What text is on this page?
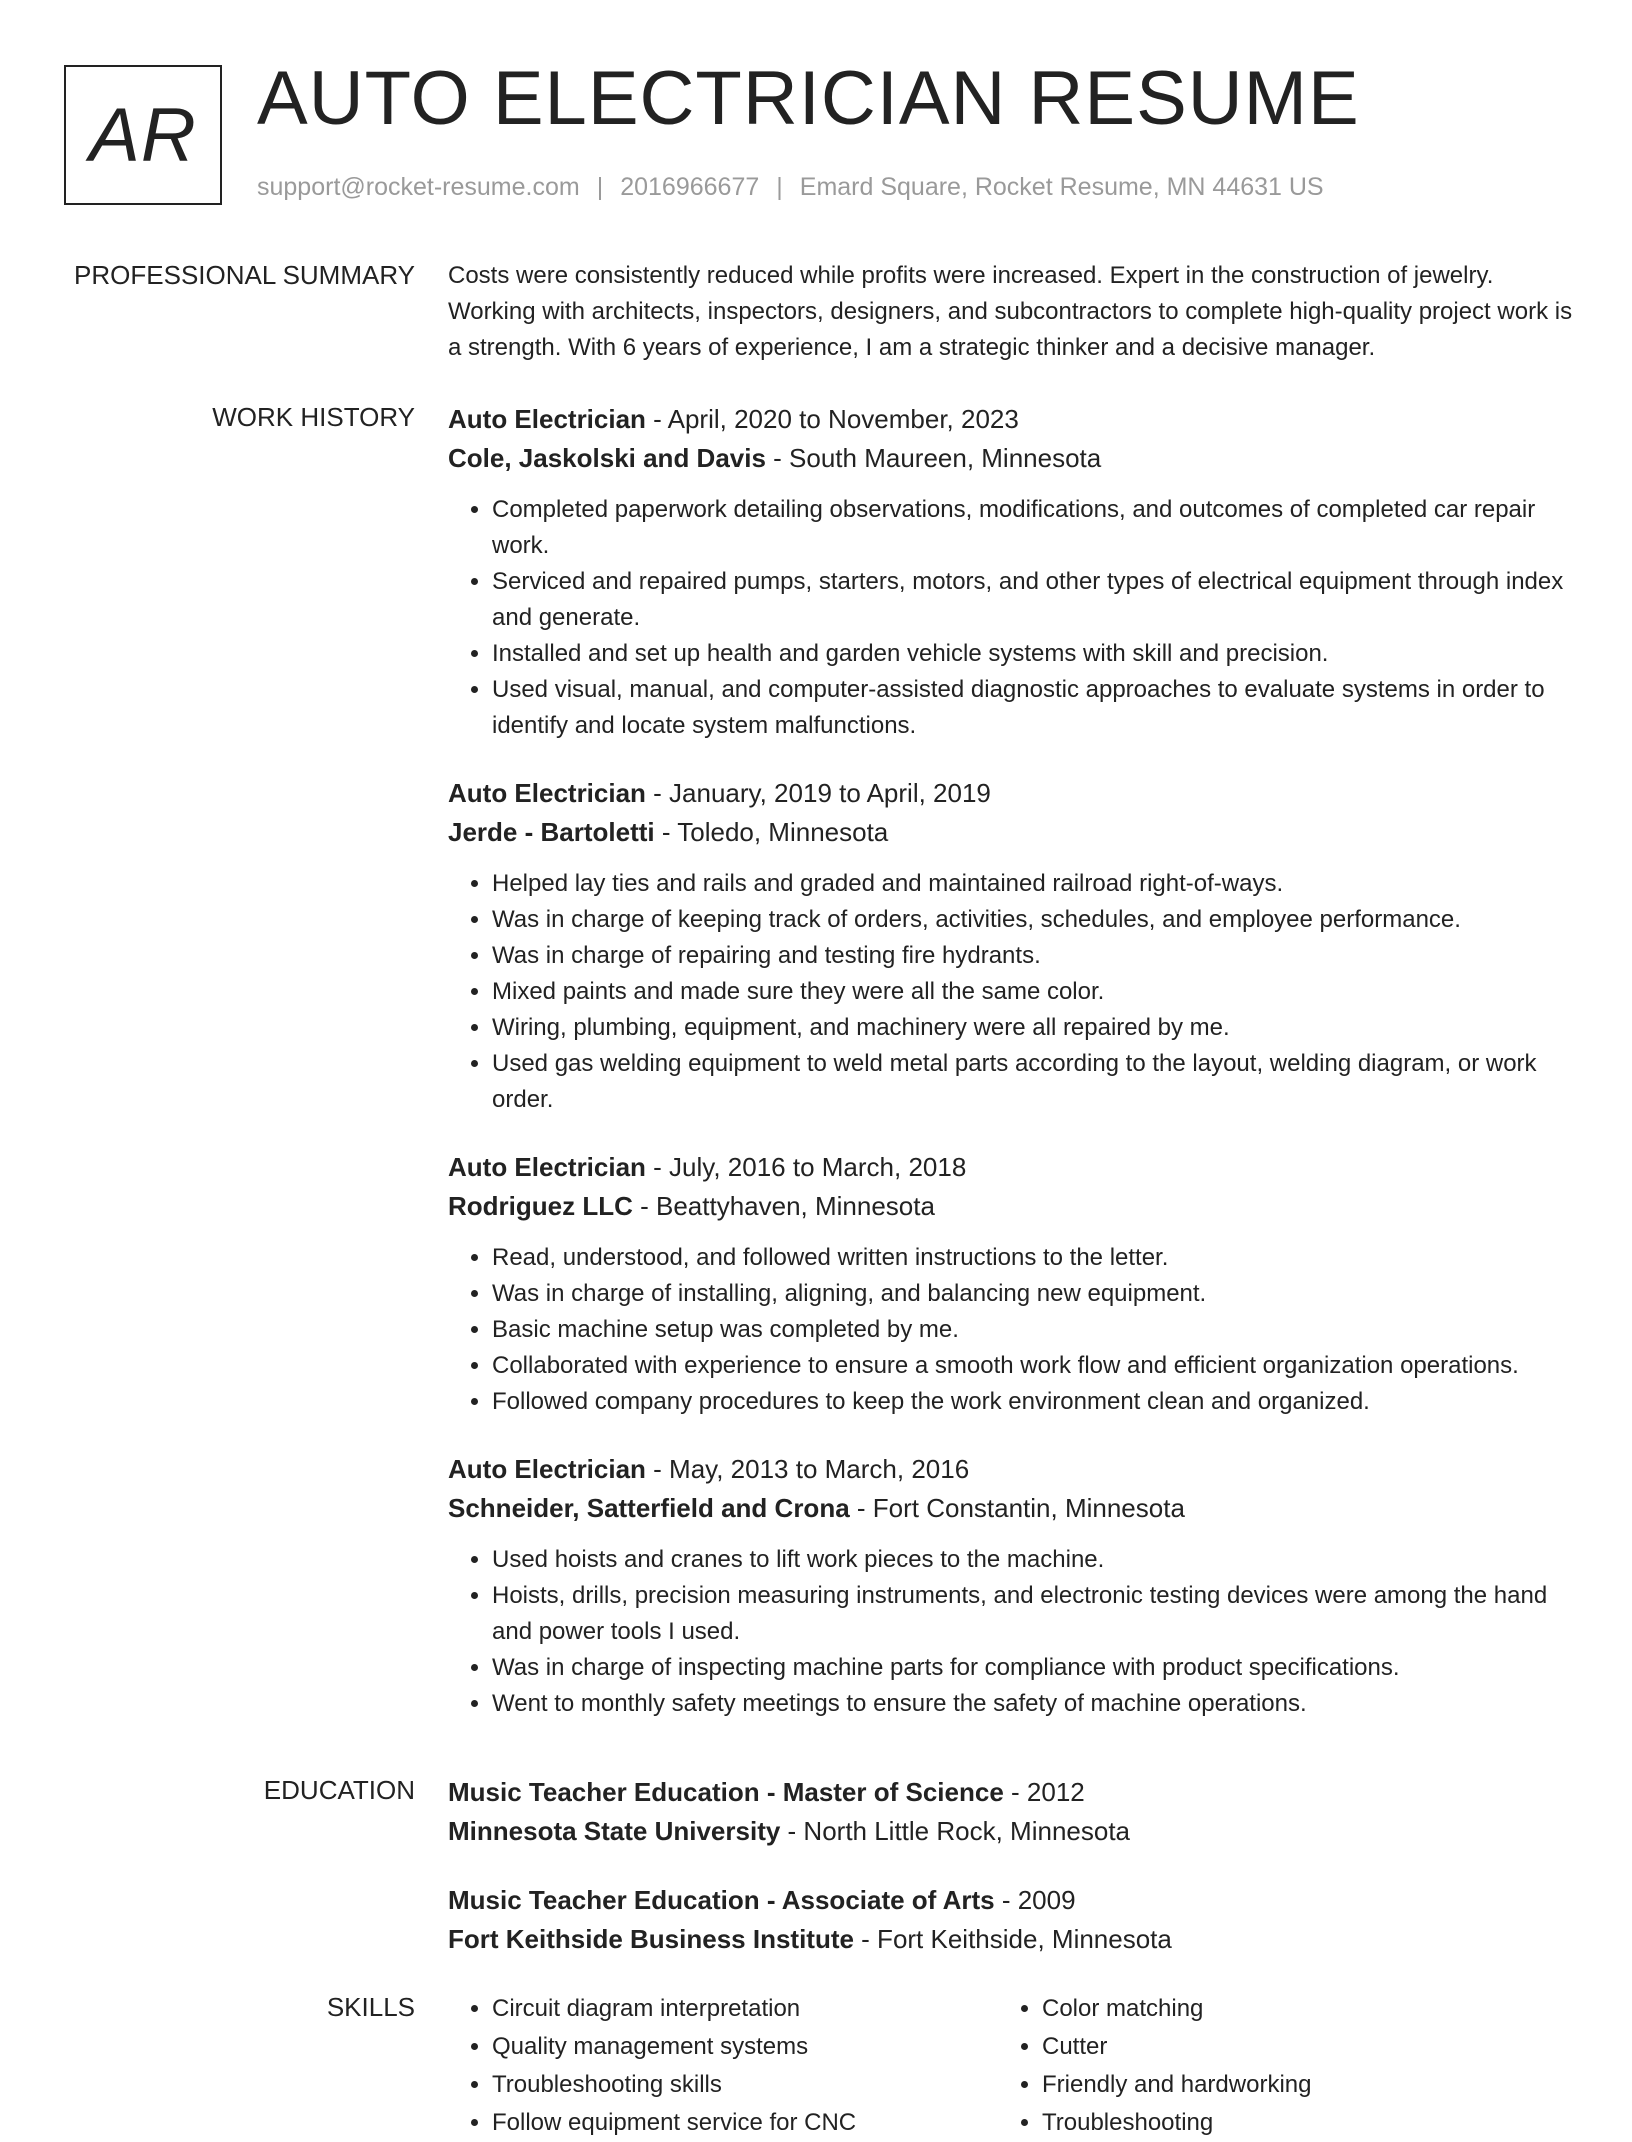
AR AUTO ELECTRICIAN RESUME
support@rocket-resume.com | 2016966677 | Emard Square, Rocket Resume, MN 44631 US
PROFESSIONAL SUMMARY Costs were consistently reduced while profits were increased. Expert in the construction of jewelry. Working with architects, inspectors, designers, and subcontractors to complete high-quality project work is a strength. With 6 years of experience, I am a strategic thinker and a decisive manager.

WORK HISTORY Auto Electrician - April, 2020 to November, 2023
Cole, Jaskolski and Davis - South Maureen, Minnesota
• Completed paperwork detailing observations, modifications, and outcomes of completed car repair work.
• Serviced and repaired pumps, starters, motors, and other types of electrical equipment through index and generate.
• Installed and set up health and garden vehicle systems with skill and precision.
• Used visual, manual, and computer-assisted diagnostic approaches to evaluate systems in order to identify and locate system malfunctions.
Auto Electrician - January, 2019 to April, 2019
Jerde - Bartoletti - Toledo, Minnesota
• Helped lay ties and rails and graded and maintained railroad right-of-ways.
• Was in charge of keeping track of orders, activities, schedules, and employee performance.
• Was in charge of repairing and testing fire hydrants.
• Mixed paints and made sure they were all the same color.
• Wiring, plumbing, equipment, and machinery were all repaired by me.
• Used gas welding equipment to weld metal parts according to the layout, welding diagram, or work order.
Auto Electrician - July, 2016 to March, 2018
Rodriguez LLC - Beattyhaven, Minnesota
• Read, understood, and followed written instructions to the letter.
• Was in charge of installing, aligning, and balancing new equipment.
• Basic machine setup was completed by me.
• Collaborated with experience to ensure a smooth work flow and efficient organization operations.
• Followed company procedures to keep the work environment clean and organized.
Auto Electrician - May, 2013 to March, 2016
Schneider, Satterfield and Crona - Fort Constantin, Minnesota
• Used hoists and cranes to lift work pieces to the machine.
• Hoists, drills, precision measuring instruments, and electronic testing devices were among the hand and power tools I used.
• Was in charge of inspecting machine parts for compliance with product specifications.
• Went to monthly safety meetings to ensure the safety of machine operations.
EDUCATION Music Teacher Education - Master of Science - 2012
Minnesota State University - North Little Rock, Minnesota
Music Teacher Education - Associate of Arts - 2009
Fort Keithside Business Institute - Fort Keithside, Minnesota
SKILLS
•	Circuit diagram interpretation
• Quality management systems
• Troubleshooting skills
• Follow equipment service for CNC
• Color matching
• Cutter
• Friendly and hardworking
• Troubleshooting
